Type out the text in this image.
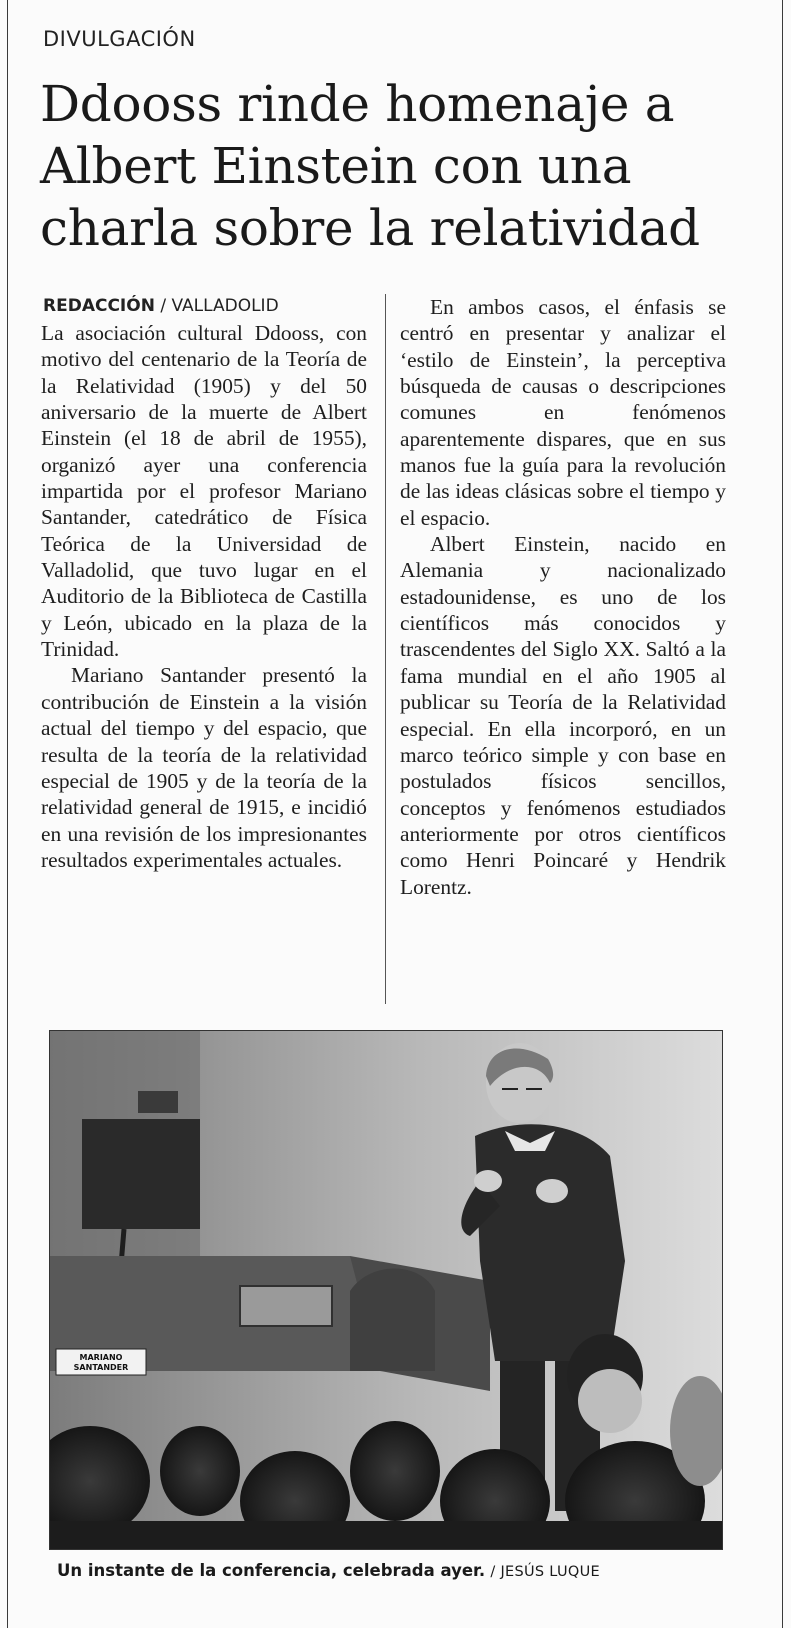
DIVULGACIÓN
Ddooss rinde homenaje a
Albert Einstein con una
charla sobre la relatividad
REDACCIÓN / VALLADOLID

La asociación cultural Ddooss, con motivo del centenario de la Teoría de la Relatividad (1905) y del 50 aniversario de la muerte de Albert Einstein (el 18 de abril de 1955), organizó ayer una conferencia impartida por el profesor Mariano Santander, catedrático de Física Teórica de la Universidad de Valladolid, que tuvo lugar en el Auditorio de la Biblioteca de Castilla y León, ubicado en la plaza de la Trinidad.

Mariano Santander presentó la contribución de Einstein a la visión actual del tiempo y del espacio, que resulta de la teoría de la relatividad especial de 1905 y de la teoría de la relatividad general de 1915, e incidió en una revisión de los impresionantes resultados experimentales actuales.

En ambos casos, el énfasis se centró en presentar y analizar el ‘estilo de Einstein’, la perceptiva búsqueda de causas o descripciones comunes en fenómenos aparentemente dispares, que en sus manos fue la guía para la revolución de las ideas clásicas sobre el tiempo y el espacio.

Albert Einstein, nacido en Alemania y nacionalizado estadounidense, es uno de los científicos más conocidos y trascendentes del Siglo XX. Saltó a la fama mundial en el año 1905 al publicar su Teoría de la Relatividad especial. En ella incorporó, en un marco teórico simple y con base en postulados físicos sencillos, conceptos y fenómenos estudiados anteriormente por otros científicos como Henri Poincaré y Hendrik Lorentz.

MARIANO
SANTANDER
Un instante de la conferencia, celebrada ayer. / JESÚS LUQUE
